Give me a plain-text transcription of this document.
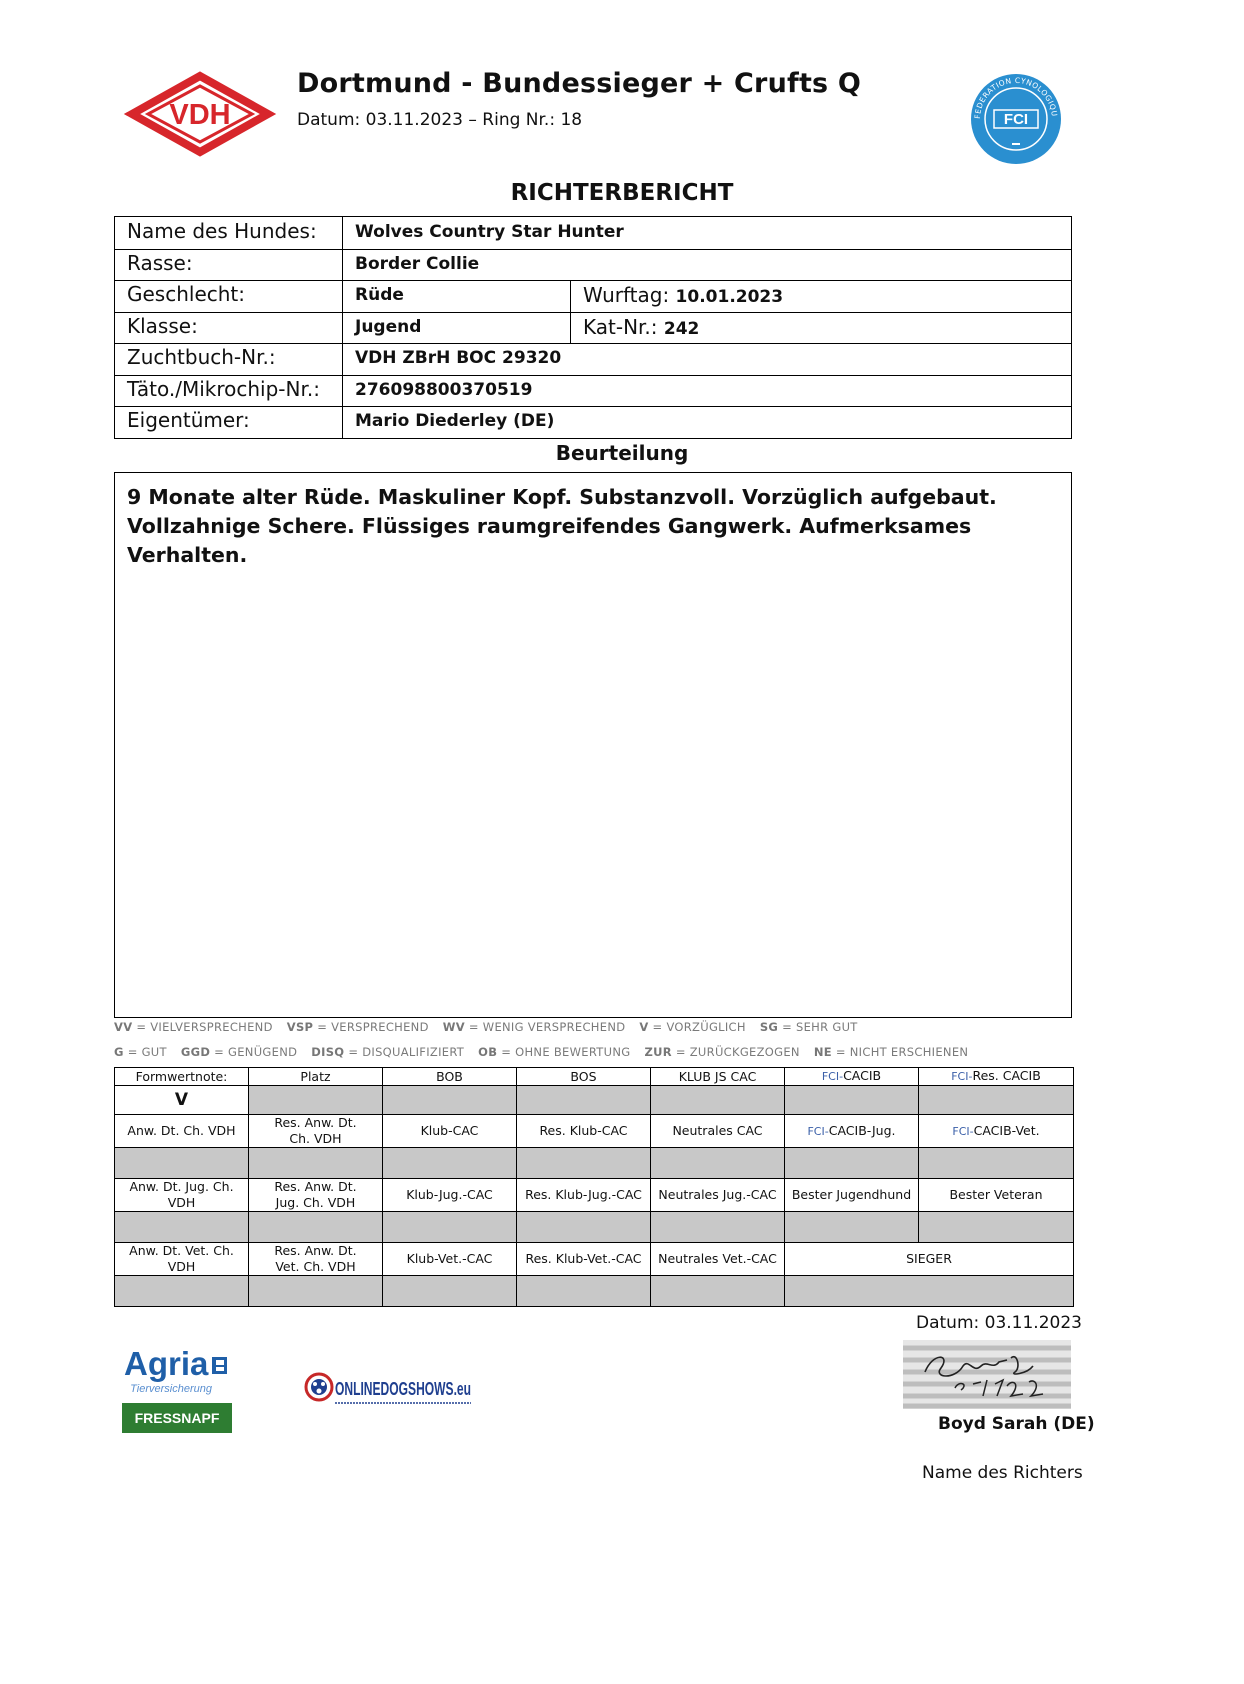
VDH
Dortmund - Bundessieger + Crufts Q
Datum: 03.11.2023 – Ring Nr.: 18	FEDERATION CYNOLOGIQU
FCI
RICHTERBERICHT
Name des Hundes: Wolves Country Star Hunter
Rasse:	Border Collie
Geschlecht:	Rüde	Wurftag: 10.01.2023
Klasse:	Jugend	Kat-Nr.: 242
Zuchtbuch-Nr.:	VDH ZBrH BOC 29320
Täto./Mikrochip-Nr.: 276098800370519
Eigentümer:	Mario Diederley (DE)
Beurteilung

9 Monate alter Rüde. Maskuliner Kopf. Substanzvoll. Vorzüglich aufgebaut. Vollzahnige Schere. Flüssiges raumgreifendes Gangwerk. Aufmerksames Verhalten.

VV = VIELVERSPRECHEND VSP = VERSPRECHEND WV = WENIG VERSPRECHEND V = VORZÜGLICH SG = SEHR GUT
G = GUT GGD = GENÜGEND DISQ = DISQUALIFIZIERT OB = OHNE BEWERTUNG ZUR = ZURÜCKGEZOGEN NE = NICHT ERSCHIENEN
Formwertnote:	Platz	BOB	BOS	KLUB JS CAC	FCI-CACIB	FCI-Res. CACIB
V						
Anw. Dt. Ch. VDH	Res. Anw. Dt. Ch. VDH	Klub-CAC	Res. Klub-CAC	Neutrales CAC	FCI-CACIB-Jug.	FCI-CACIB-Vet.

Anw. Dt. Jug. Ch. VDH	Res. Anw. Dt. Jug. Ch. VDH	Klub-Jug.-CAC	Res. Klub-Jug.-CAC	Neutrales Jug.-CAC	Bester Jugendhund	Bester Veteran

Anw. Dt. Vet. Ch. VDH	Res. Anw. Dt. Vet. Ch. VDH	Klub-Vet.-CAC	Res. Klub-Vet.-CAC	Neutrales Vet.-CAC	SIEGER	

Datum: 03.11.2023
Boyd Sarah (DE)
Name des Richters
Agria
Tierversicherung
FRESSNAPF
ONLINEDOGSHOWS.eu
